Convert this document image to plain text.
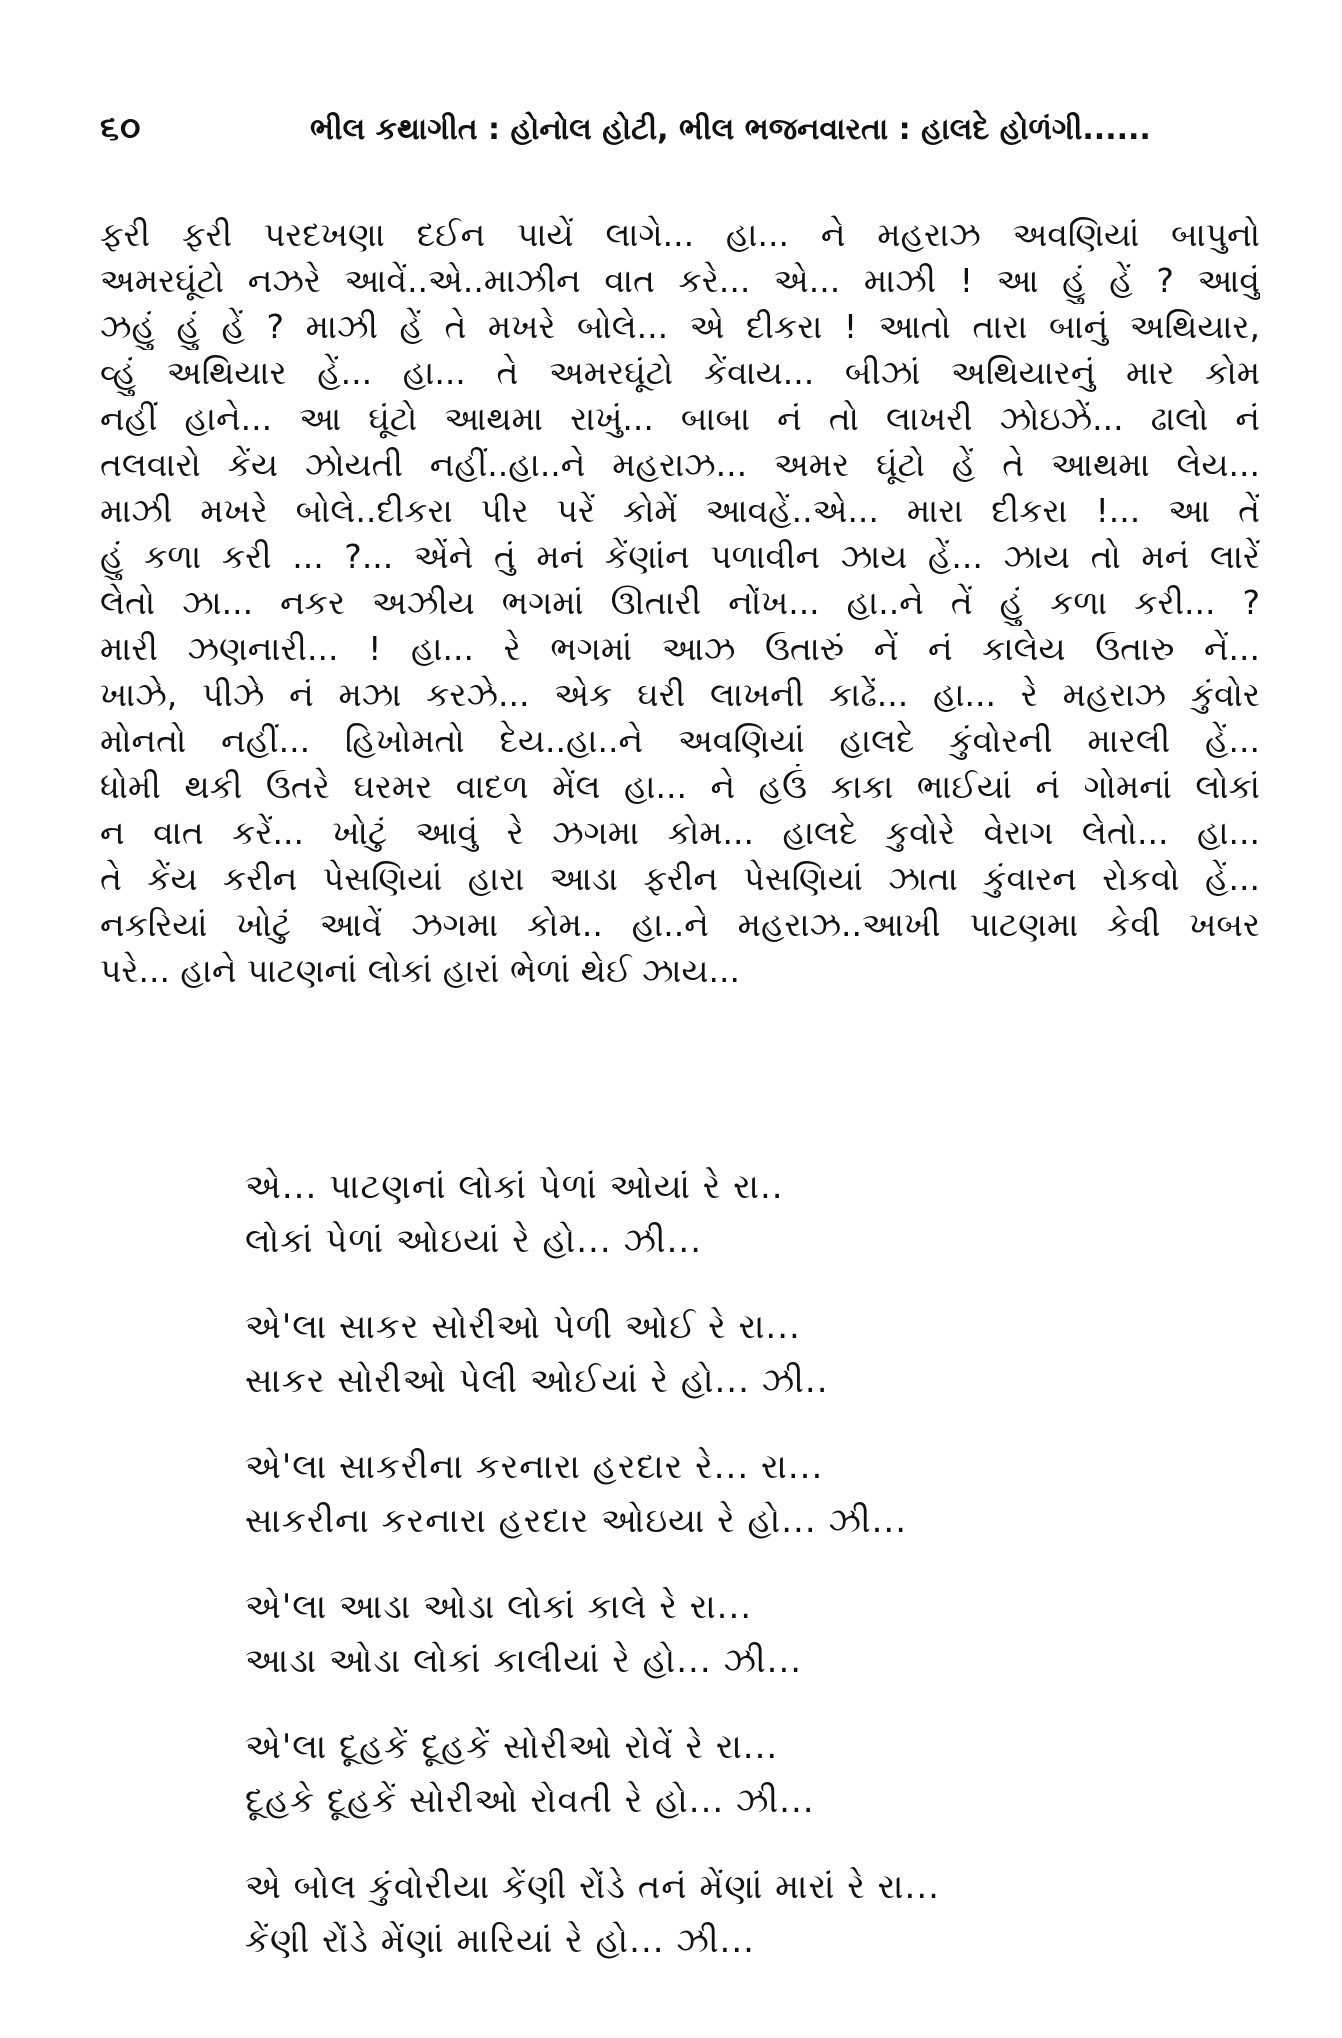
૬૦	ભીલ કથાગીત : હોનોલ હોટી, ભીલ ભજનવારતા : હાલદે હોળંગી......
ફરી ફરી પરદખણા દઈન પાયેં લાગે... હા... ને મહરાઝ અવણિયાં બાપુનો
અમરઘૂંટો નઝરે આવેં..એ..માઝીન વાત કરે... એ... માઝી ! આ હું હેં ? આવું
ઝહું હું હેં ? માઝી હેં તે મખરે બોલે... એ દીકરા ! આતો તારા બાનું અથિયાર,
વ્હું અથિયાર હેં... હા... તે અમરઘૂંટો કેંવાય... બીઝાં અથિયારનું માર કોમ
નહીં હાને... આ ઘૂંટો આથમા રાખું... બાબા નં તો લાખરી ઝોઇઝેં... ઢાલો નં
તલવારો કેંય ઝોયતી નહીં..હા..ને મહરાઝ... અમર ઘૂંટો હેં તે આથમા લેય...
માઝી મખરે બોલે..દીકરા પીર પરેં કોમેં આવહેં..એ... મારા દીકરા !... આ તેં
હું કળા કરી ... ?... એંને તું મનં કેંણાંન પળાવીન ઝાય હેં... ઝાય તો મનં લારેં
લેતો ઝા... નકર અઝીય ભગમાં ઊતારી નોંખ... હા..ને તેં હું કળા કરી... ?
મારી ઝણનારી... ! હા... રે ભગમાં આઝ ઉતારું નેં નં કાલેય ઉતારુ નેં...
ખાઝે, પીઝે નં મઝા કરઝે... એક ઘરી લાખની કાઢેં... હા... રે મહરાઝ કુંવોર
મોનતો નહીં... હિખોમતો દેય..હા..ને અવણિયાં હાલદે કુંવોરની મારલી હેં...
ધોમી થકી ઉતરે ઘરમર વાદળ મેંલ હા... ને હઉં કાકા ભાઈયાં નં ગોમનાં લોકાં
ન વાત કરેં... ખોટું આવું રે ઝગમા કોમ... હાલદે કુવોરે વેરાગ લેતો... હા...
તે કેંય કરીન પેસણિયાં હારા આડા ફરીન પેસણિયાં ઝાતા કુંવારન રોકવો હેં...
નકરિયાં ખોટું આવેં ઝગમા કોમ.. હા..ને મહરાઝ..આખી પાટણમા કેવી ખબર
પરે... હાને પાટણનાં લોકાં હારાં ભેળાં થેઈ ઝાય...
એ... પાટણનાં લોકાં પેળાં ઓયાં રે રા..
લોકાં પેળાં ઓઇયાં રે હો... ઝી...
એ'લા સાકર સોરીઓ પેળી ઓઈ રે રા...
સાકર સોરીઓ પેલી ઓઈયાં રે હો... ઝી..
એ'લા સાકરીના કરનારા હરદાર રે... રા...
સાકરીના કરનારા હરદાર ઓઇયા રે હો... ઝી...
એ'લા આડા ઓડા લોકાં કાલે રે રા...
આડા ઓડા લોકાં કાલીયાં રે હો... ઝી...
એ'લા દૂહકેં દૂહકેં સોરીઓ રોવેં રે રા...
દૂહકે દૂહકેં સોરીઓ રોવતી રે હો... ઝી...
એ બોલ કુંવોરીયા કેંણી રોંડે તનં મેંણાં મારાં રે રા...
કેંણી રોંડે મેંણાં મારિયાં રે હો... ઝી...
